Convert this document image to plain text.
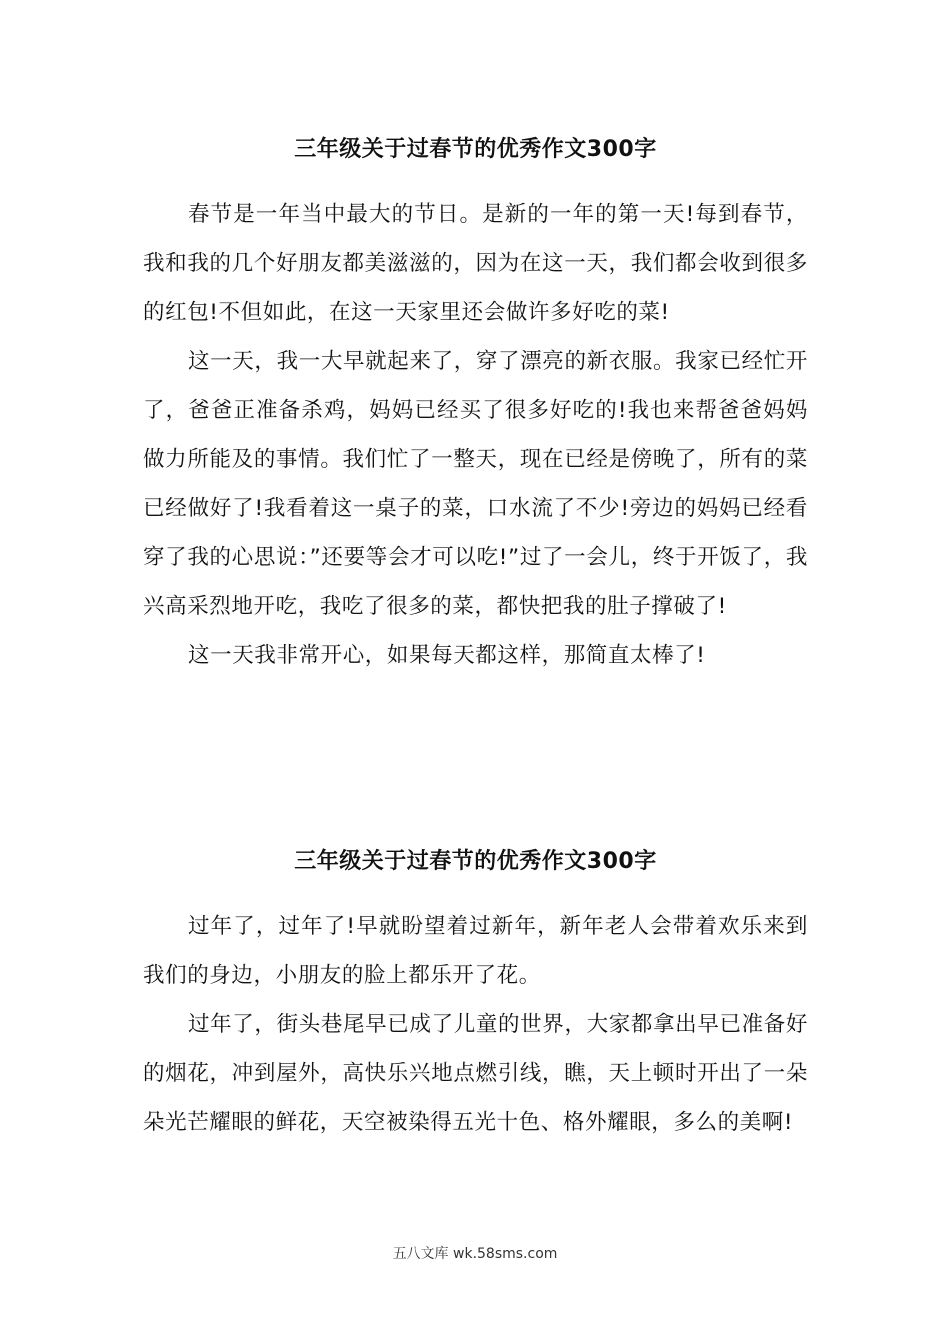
三年级关于过春节的优秀作文300字

春节是一年当中最大的节日。是新的一年的第一天!每到春节，我和我的几个好朋友都美滋滋的，因为在这一天，我们都会收到很多的红包!不但如此，在这一天家里还会做许多好吃的菜!

这一天，我一大早就起来了，穿了漂亮的新衣服。我家已经忙开了，爸爸正准备杀鸡，妈妈已经买了很多好吃的!我也来帮爸爸妈妈做力所能及的事情。我们忙了一整天，现在已经是傍晚了，所有的菜已经做好了!我看着这一桌子的菜，口水流了不少!旁边的妈妈已经看穿了我的心思说：”还要等会才可以吃!”过了一会儿，终于开饭了，我兴高采烈地开吃，我吃了很多的菜，都快把我的肚子撑破了!

这一天我非常开心，如果每天都这样，那简直太棒了!

三年级关于过春节的优秀作文300字

过年了，过年了!早就盼望着过新年，新年老人会带着欢乐来到我们的身边，小朋友的脸上都乐开了花。

过年了，街头巷尾早已成了儿童的世界，大家都拿出早已准备好的烟花，冲到屋外，高快乐兴地点燃引线，瞧，天上顿时开出了一朵朵光芒耀眼的鲜花，天空被染得五光十色、格外耀眼，多么的美啊!

五八文库 wk.58sms.com
